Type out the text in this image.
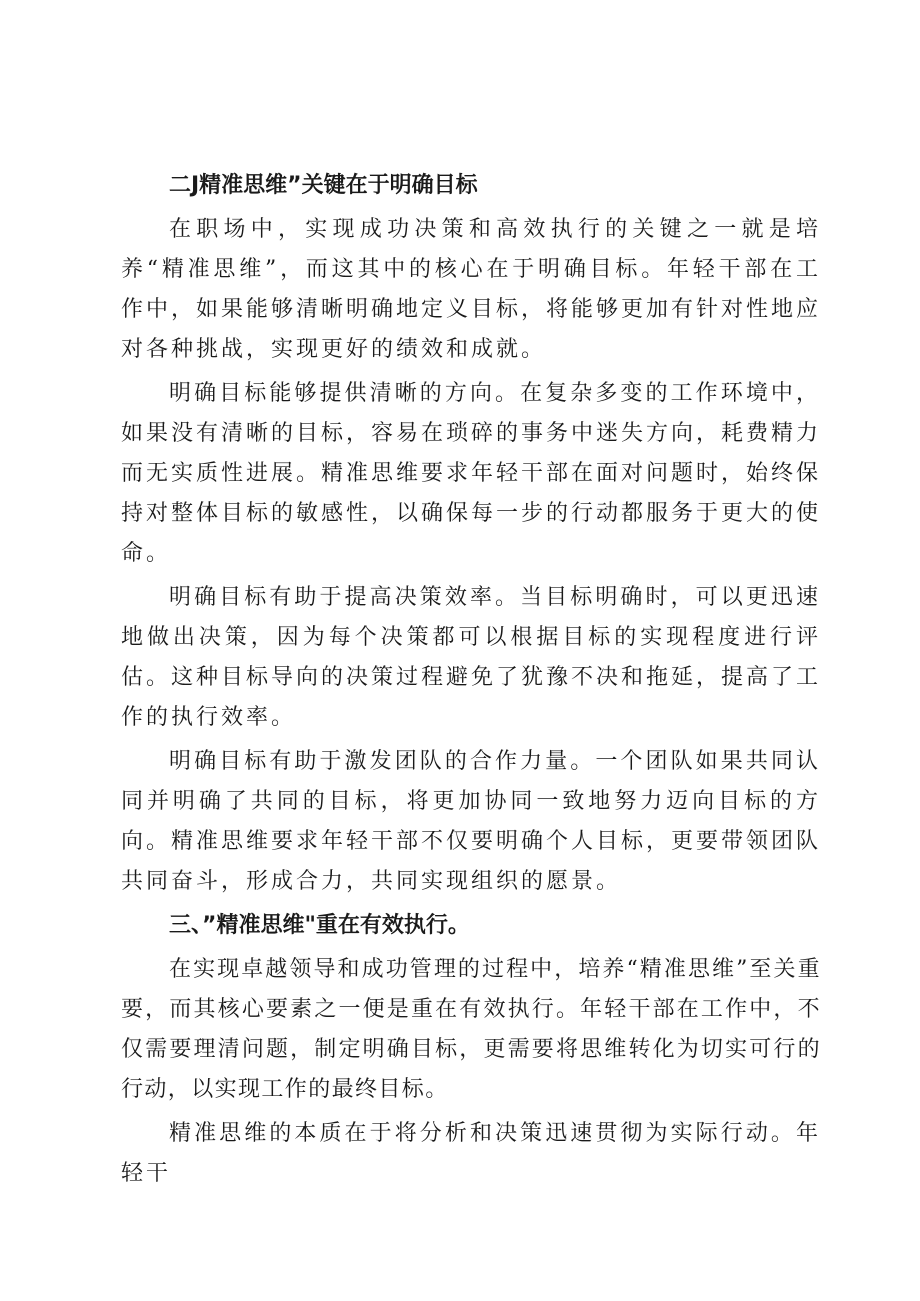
二J精准思维”关键在于明确目标

在职场中，实现成功决策和高效执行的关键之一就是培养“精准思维”，而这其中的核心在于明确目标。年轻干部在工作中，如果能够清晰明确地定义目标，将能够更加有针对性地应对各种挑战，实现更好的绩效和成就。

明确目标能够提供清晰的方向。在复杂多变的工作环境中，如果没有清晰的目标，容易在琐碎的事务中迷失方向，耗费精力而无实质性进展。精准思维要求年轻干部在面对问题时，始终保持对整体目标的敏感性，以确保每一步的行动都服务于更大的使命。

明确目标有助于提高决策效率。当目标明确时，可以更迅速地做出决策，因为每个决策都可以根据目标的实现程度进行评估。这种目标导向的决策过程避免了犹豫不决和拖延，提高了工作的执行效率。

明确目标有助于激发团队的合作力量。一个团队如果共同认同并明确了共同的目标，将更加协同一致地努力迈向目标的方向。精准思维要求年轻干部不仅要明确个人目标，更要带领团队共同奋斗，形成合力，共同实现组织的愿景。

三、”精准思维"重在有效执行。

在实现卓越领导和成功管理的过程中，培养“精准思维”至关重要，而其核心要素之一便是重在有效执行。年轻干部在工作中，不仅需要理清问题，制定明确目标，更需要将思维转化为切实可行的行动，以实现工作的最终目标。

精准思维的本质在于将分析和决策迅速贯彻为实际行动。年轻干
